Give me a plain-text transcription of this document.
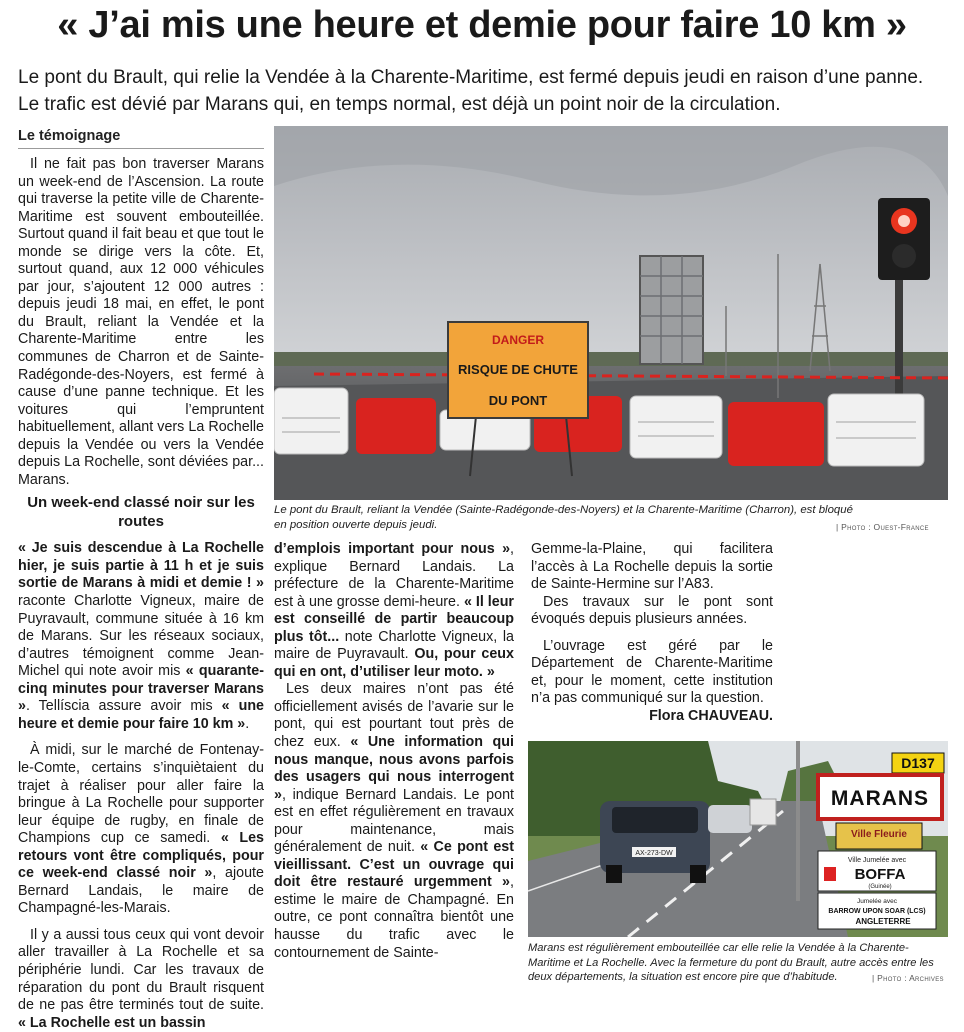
« J’ai mis une heure et demie pour faire 10 km »
Le pont du Brault, qui relie la Vendée à la Charente-Maritime, est fermé depuis jeudi en raison d’une panne. Le trafic est dévié par Marans qui, en temps normal, est déjà un point noir de la circulation.
Le témoignage

Il ne fait pas bon traverser Marans un week-end de l’Ascension. La route qui traverse la petite ville de Charente-Maritime est souvent embouteillée. Surtout quand il fait beau et que tout le monde se dirige vers la côte. Et, surtout quand, aux 12 000 véhicules par jour, s’ajoutent 12 000 autres : depuis jeudi 18 mai, en effet, le pont du Brault, reliant la Vendée et la Charente-Maritime entre les communes de Charron et de Sainte-Radégonde-des-Noyers, est fermé à cause d’une panne technique. Et les voitures qui l’empruntent habituellement, allant vers La Rochelle depuis la Vendée ou vers la Vendée depuis La Rochelle, sont déviées par... Marans.

Un week-end classé noir sur les routes

« Je suis descendue à La Rochelle hier, je suis partie à 11 h et je suis sortie de Marans à midi et demie ! » raconte Charlotte Vigneux, maire de Puyravault, commune située à 16 km de Marans. Sur les réseaux sociaux, d’autres témoignent comme Jean-Michel qui note avoir mis « quarante-cinq minutes pour traverser Marans ». Tellíscia assure avoir mis « une heure et demie pour faire 10 km ».

À midi, sur le marché de Fontenay-le-Comte, certains s’inquiètaient du trajet à réaliser pour aller faire la bringue à La Rochelle pour supporter leur équipe de rugby, en finale de Champions cup ce samedi. « Les retours vont être compliqués, pour ce week-end classé noir », ajoute Bernard Landais, le maire de Champagné-les-Marais.

Il y a aussi tous ceux qui vont devoir aller travailler à La Rochelle et sa périphérie lundi. Car les travaux de réparation du pont du Brault risquent de ne pas être terminés tout de suite. « La Rochelle est un bassin

DANGER
RISQUE DE CHUTE
DU PONT
Le pont du Brault, reliant la Vendée (Sainte-Radégonde-des-Noyers) et la Charente-Maritime (Charron), est bloqué en position ouverte depuis jeudi.	| Photo : Ouest-France

d’emplois important pour nous », explique Bernard Landais. La préfecture de la Charente-Maritime est à une grosse demi-heure. « Il leur est conseillé de partir beaucoup plus tôt... note Charlotte Vigneux, la maire de Puyravault. Ou, pour ceux qui en ont, d’utiliser leur moto. »

Les deux maires n’ont pas été officiellement avisés de l’avarie sur le pont, qui est pourtant tout près de chez eux. « Une information qui nous manque, nous avons parfois des usagers qui nous interrogent », indique Bernard Landais. Le pont est en effet régulièrement en travaux pour maintenance, mais généralement de nuit. « Ce pont est vieillissant. C’est un ouvrage qui doit être restauré urgemment », estime le maire de Champagné. En outre, ce pont connaîtra bientôt une hausse du trafic avec le contournement de Sainte-

Gemme-la-Plaine, qui facilitera l’accès à La Rochelle depuis la sortie de Sainte-Hermine sur l’A83.

Des travaux sur le pont sont évoqués depuis plusieurs années.

L’ouvrage est géré par le Département de Charente-Maritime et, pour le moment, cette institution n’a pas communiqué sur la question.

Flora CHAUVEAU.

AX-273-DW
D137
MARANS
Ville Fleurie
Ville Jumelée avec
BOFFA
(Guinée)
Jumelée avec
BARROW UPON SOAR (LCS)
ANGLETERRE
Marans est régulièrement embouteillée car elle relie la Vendée à la Charente-Maritime et La Rochelle. Avec la fermeture du pont du Brault, autre accès entre les deux départements, la situation est encore pire que d’habitude.	| Photo : Archives
